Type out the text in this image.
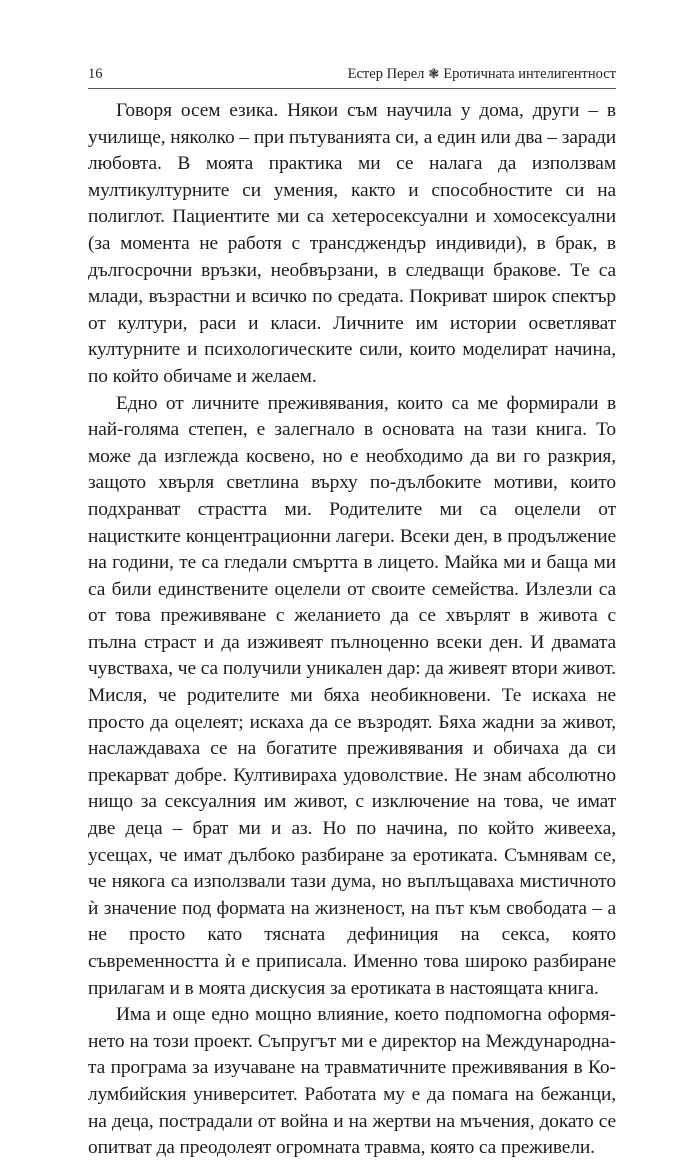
16	Естер Перел ❃ Еротичната интелигентност

Говоря осем езика. Някои съм научила у дома, други – в училище, няколко – при пътуванията си, а един или два – заради любовта. В моята практика ми се налага да използвам мултикултурните си умения, както и способностите си на полиглот. Пациентите ми са хетеросексуални и хомосексуални (за момента не работя с трансджендър индивиди), в брак, в дългосрочни връзки, необвързани, в следващи бракове. Те са млади, възрастни и всичко по средата. Покриват широк спектър от култури, раси и класи. Личните им истории осветляват културните и психологическите сили, които моделират начина, по който обичаме и желаем.

Едно от личните преживявания, които са ме формирали в най-голяма степен, е залегнало в основата на тази книга. То може да изглежда косвено, но е необходимо да ви го разкрия, защото хвърля светлина върху по-дълбоките мотиви, които подхранват страстта ми. Родителите ми са оцелели от нацистките концентрационни лагери. Всеки ден, в продължение на години, те са гледали смъртта в лицето. Майка ми и баща ми са били единствените оцелели от своите семейства. Излезли са от това преживяване с желанието да се хвърлят в живота с пълна страст и да изживеят пълноценно всеки ден. И двамата чувстваха, че са получили уникален дар: да живеят втори живот. Мисля, че родителите ми бяха необикновени. Те искаха не просто да оцелеят; искаха да се възродят. Бяха жадни за живот, наслаждаваха се на богатите преживявания и обичаха да си прекарват добре. Култивираха удоволствие. Не знам абсолютно нищо за сексуалния им живот, с изключение на това, че имат две деца – брат ми и аз. Но по начина, по който живееха, усещах, че имат дълбоко разбиране за еротиката. Съмнявам се, че някога са използвали тази дума, но въплъщаваха мистичното ѝ значение под формата на жизненост, на път към свободата – а не просто като тясната дефиниция на секса, която съвременността ѝ е приписала. Именно това широко разбиране прилагам и в моята дискусия за еротиката в настоящата книга.

Има и още едно мощно влияние, което подпомогна оформянето на този проект. Съпругът ми е директор на Международната програма за изучаване на травматичните преживявания в Колумбийския университет. Работата му е да помага на бежанци, на деца, пострадали от война и на жертви на мъчения, докато се опитват да преодолеят огромната травма, която са преживели.
